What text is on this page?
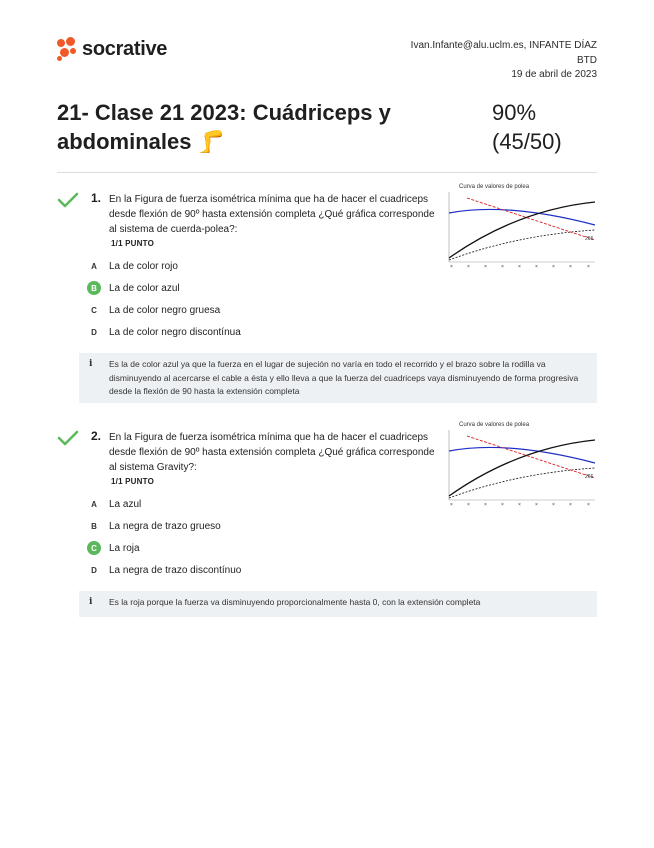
socrative	Ivan.Infante@alu.uclm.es, INFANTE DÍAZ
BTD
19 de abril de 2023
21- Clase 21 2023: Cuádriceps y abdominales 🦵
90%
(45/50)
1. En la Figura de fuerza isométrica mínima que ha de hacer el cuadriceps desde flexión de 90º hasta extensión completa ¿Qué gráfica corresponde al sistema de cuerda-polea?:
1/1 PUNTO
Curva de valores de polea
266
×	×	×	×	×	×	×	×	×
A	La de color rojo
B	La de color azul
C	La de color negro gruesa
D	La de color negro discontínua
i Es la de color azul ya que la fuerza en el lugar de sujeción no varía en todo el recorrido y el brazo sobre la rodilla va disminuyendo al acercarse el cable a ésta y ello lleva a que la fuerza del cuadriceps vaya disminuyendo de forma progresiva desde la flexión de 90 hasta la extensión completa
2. En la Figura de fuerza isométrica mínima que ha de hacer el cuadriceps desde flexión de 90º hasta extensión completa ¿Qué gráfica corresponde al sistema Gravity?:
1/1 PUNTO
Curva de valores de polea
266
×	×	×	×	×	×	×	×	×
A	La azul
B	La negra de trazo grueso
C	La roja
D	La negra de trazo discontínuo
i Es la roja porque la fuerza va disminuyendo proporcionalmente hasta 0, con la extensión completa
